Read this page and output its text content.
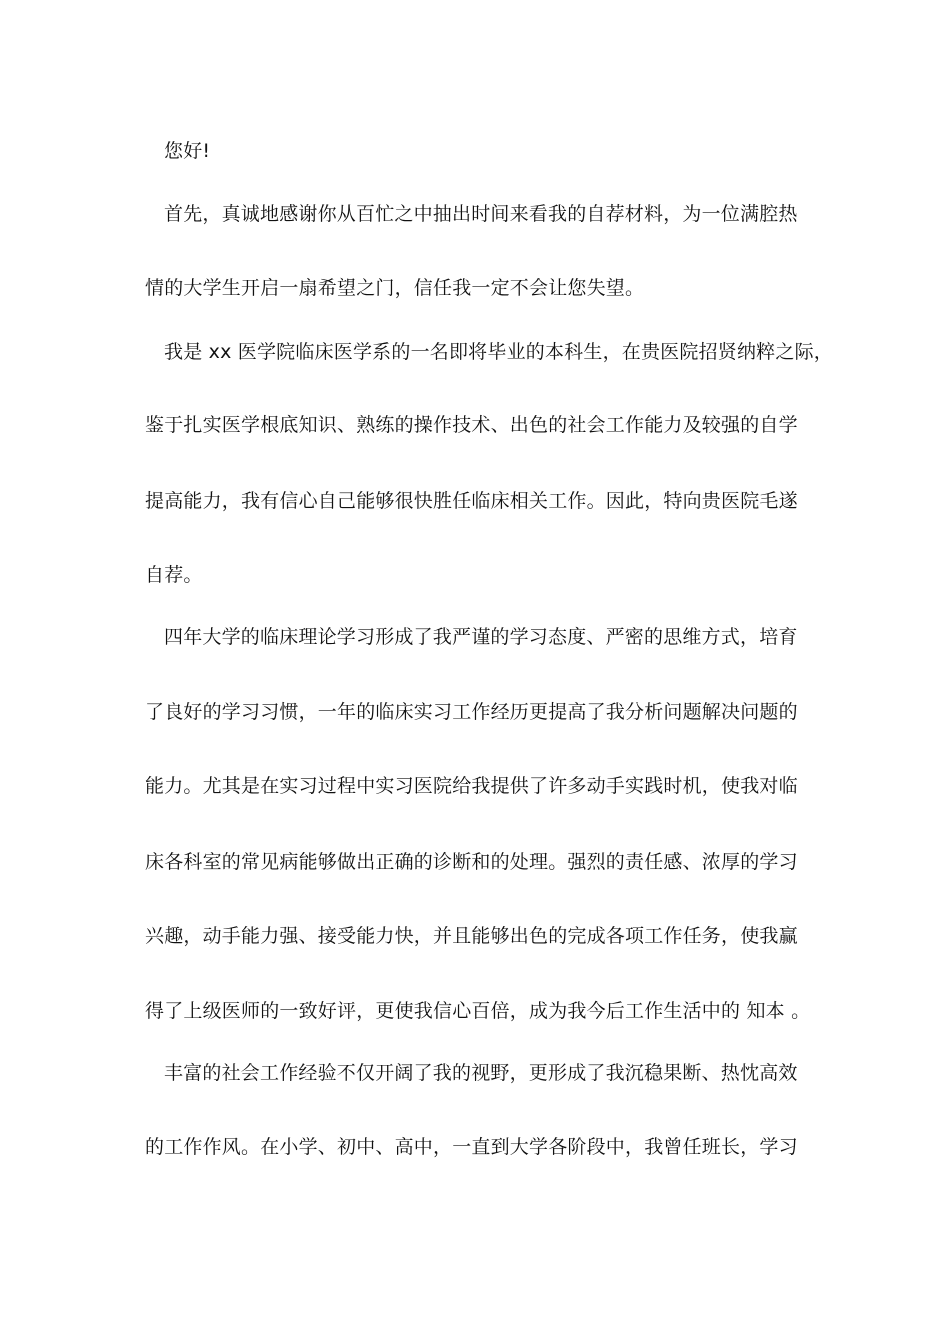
您好!
首先，真诚地感谢你从百忙之中抽出时间来看我的自荐材料，为一位满腔热
情的大学生开启一扇希望之门，信任我一定不会让您失望。
我是 xx 医学院临床医学系的一名即将毕业的本科生，在贵医院招贤纳粹之际，
鉴于扎实医学根底知识、熟练的操作技术、出色的社会工作能力及较强的自学
提高能力，我有信心自己能够很快胜任临床相关工作。因此，特向贵医院毛遂
自荐。
四年大学的临床理论学习形成了我严谨的学习态度、严密的思维方式，培育
了良好的学习习惯，一年的临床实习工作经历更提高了我分析问题解决问题的
能力。尤其是在实习过程中实习医院给我提供了许多动手实践时机，使我对临
床各科室的常见病能够做出正确的诊断和的处理。强烈的责任感、浓厚的学习
兴趣，动手能力强、接受能力快，并且能够出色的完成各项工作任务，使我赢
得了上级医师的一致好评，更使我信心百倍，成为我今后工作生活中的 知本 。
丰富的社会工作经验不仅开阔了我的视野，更形成了我沉稳果断、热忱高效
的工作作风。在小学、初中、高中，一直到大学各阶段中，我曾任班长，学习
